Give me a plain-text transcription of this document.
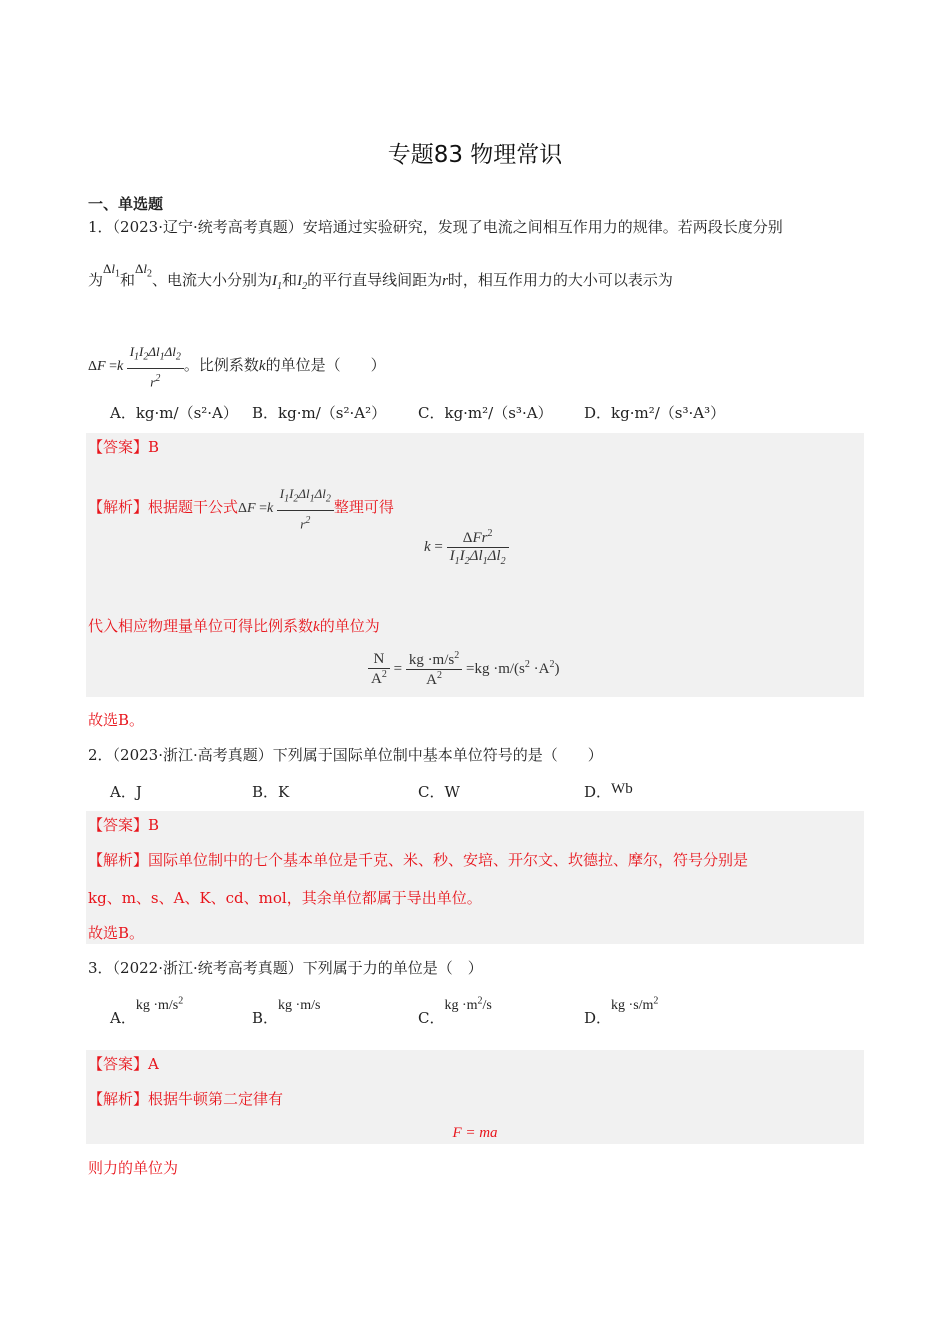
专题83 物理常识
一、单选题
1．（2023·辽宁·统考高考真题）安培通过实验研究，发现了电流之间相互作用力的规律。若两段长度分别
为$\Delta l_1$和$\Delta l_2$、电流大小分别为$I_1$和$I_2$的平行直导线间距为r时，相互作用力的大小可以表示为
$\Delta F =k \frac{I_1I_2\Delta l_1\Delta l_2}{r^2}$ 。比例系数k的单位是（　　）
A．kg·m/（s²·A） B．kg·m/（s²·A²） C．kg·m²/（s³·A） D．kg·m²/（s³·A³）
【答案】B
【解析】根据题干公式$\Delta F =k \frac{I_1I_2\Delta l_1\Delta l_2}{r^2}$ 整理可得
$k = \frac{\Delta Fr^2}{I_1I_2\Delta l_1\Delta l_2}$
代入相应物理量单位可得比例系数k的单位为
$\frac{N}{A^2} = \frac{kg \cdot m/s^2}{A^2} =kg \cdot m/(s^2 \cdot A^2)$
故选B。
2．（2023·浙江·高考真题）下列属于国际单位制中基本单位符号的是（　　）
A．J	B．K	C．W	D．Wb
【答案】B
【解析】国际单位制中的七个基本单位是千克、米、秒、安培、开尔文、坎德拉、摩尔，符号分别是
kg、m、s、A、K、cd、mol，其余单位都属于导出单位。
故选B。
3．（2022·浙江·统考高考真题）下列属于力的单位是（　）
A．kg $\cdot m/s^2$
B．kg ·m/s
C．kg $\cdot m^2/s$
D．kg $\cdot s/m^2$
【答案】A
【解析】根据牛顿第二定律有
F = ma
则力的单位为
